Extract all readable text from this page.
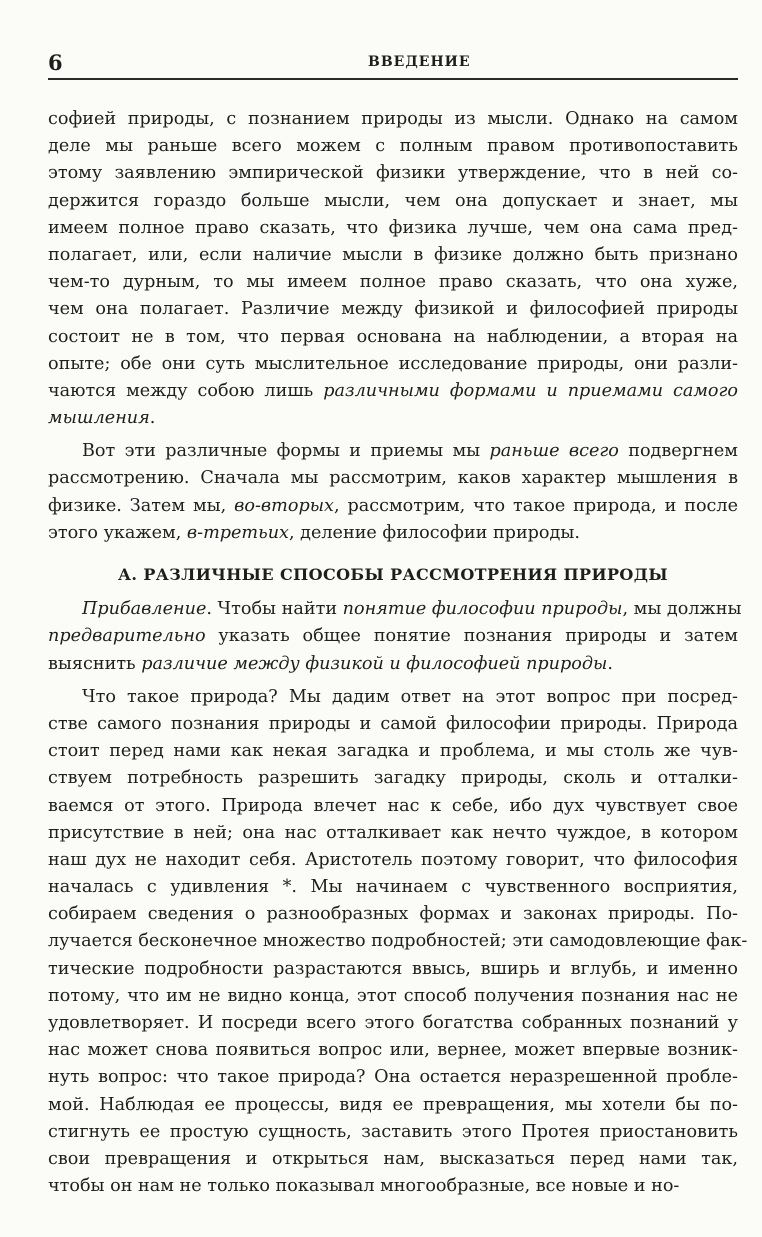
6	ВВЕДЕНИЕ
софией природы, с познанием природы из мысли. Однако на самом
деле мы раньше всего можем с полным правом противопоставить
этому заявлению эмпирической физики утверждение, что в ней со-
держится гораздо больше мысли, чем она допускает и знает, мы
имеем полное право сказать, что физика лучше, чем она сама пред-
полагает, или, если наличие мысли в физике должно быть признано
чем-то дурным, то мы имеем полное право сказать, что она хуже,
чем она полагает. Различие между физикой и философией природы
состоит не в том, что первая основана на наблюдении, а вторая на
опыте; обе они суть мыслительное исследование природы, они разли-
чаются между собою лишь различными формами и приемами самого
мышления.
Вот эти различные формы и приемы мы раньше всего подвергнем
рассмотрению. Сначала мы рассмотрим, каков характер мышления в
физике. Затем мы, во-вторых, рассмотрим, что такое природа, и после
этого укажем, в-третьих, деление философии природы.
А. РАЗЛИЧНЫЕ СПОСОБЫ РАССМОТРЕНИЯ ПРИРОДЫ
Прибавление. Чтобы найти понятие философии природы, мы должны
предварительно указать общее понятие познания природы и затем
выяснить различие между физикой и философией природы.
Что такое природа? Мы дадим ответ на этот вопрос при посред-
стве самого познания природы и самой философии природы. Природа
стоит перед нами как некая загадка и проблема, и мы столь же чув-
ствуем потребность разрешить загадку природы, сколь и отталки-
ваемся от этого. Природа влечет нас к себе, ибо дух чувствует свое
присутствие в ней; она нас отталкивает как нечто чуждое, в котором
наш дух не находит себя. Аристотель поэтому говорит, что философия
началась с удивления *. Мы начинаем с чувственного восприятия,
собираем сведения о разнообразных формах и законах природы. По-
лучается бесконечное множество подробностей; эти самодовлеющие фак-
тические подробности разрастаются ввысь, вширь и вглубь, и именно
потому, что им не видно конца, этот способ получения познания нас не
удовлетворяет. И посреди всего этого богатства собранных познаний у
нас может снова появиться вопрос или, вернее, может впервые возник-
нуть вопрос: что такое природа? Она остается неразрешенной пробле-
мой. Наблюдая ее процессы, видя ее превращения, мы хотели бы по-
стигнуть ее простую сущность, заставить этого Протея приостановить
свои превращения и открыться нам, высказаться перед нами так,
чтобы он нам не только показывал многообразные, все новые и но-
